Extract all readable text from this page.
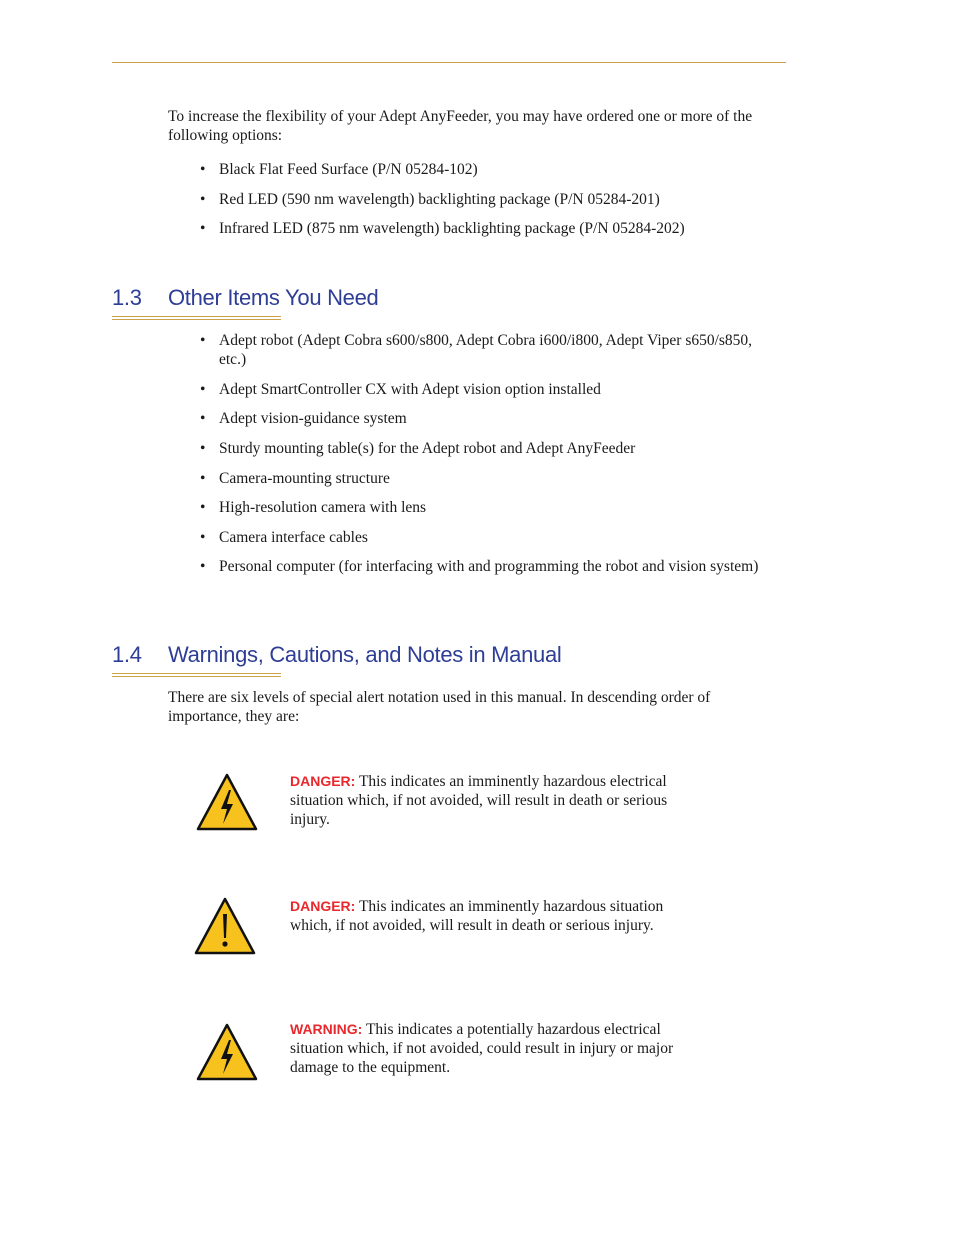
To increase the flexibility of your Adept AnyFeeder, you may have ordered one or more of the following options:

• Black Flat Feed Surface (P/N 05284-102)
• Red LED (590 nm wavelength) backlighting package (P/N 05284-201)
• Infrared LED (875 nm wavelength) backlighting package (P/N 05284-202)
1.3 Other Items You Need
• Adept robot (Adept Cobra s600/s800, Adept Cobra i600/i800, Adept Viper s650/s850, etc.)
• Adept SmartController CX with Adept vision option installed
• Adept vision-guidance system
• Sturdy mounting table(s) for the Adept robot and Adept AnyFeeder
• Camera-mounting structure
• High-resolution camera with lens
• Camera interface cables
• Personal computer (for interfacing with and programming the robot and vision system)
1.4 Warnings, Cautions, and Notes in Manual

There are six levels of special alert notation used in this manual. In descending order of importance, they are:

DANGER: This indicates an imminently hazardous electrical situation which, if not avoided, will result in death or serious injury.

DANGER: This indicates an imminently hazardous situation which, if not avoided, will result in death or serious injury.

WARNING: This indicates a potentially hazardous electrical situation which, if not avoided, could result in injury or major damage to the equipment.
